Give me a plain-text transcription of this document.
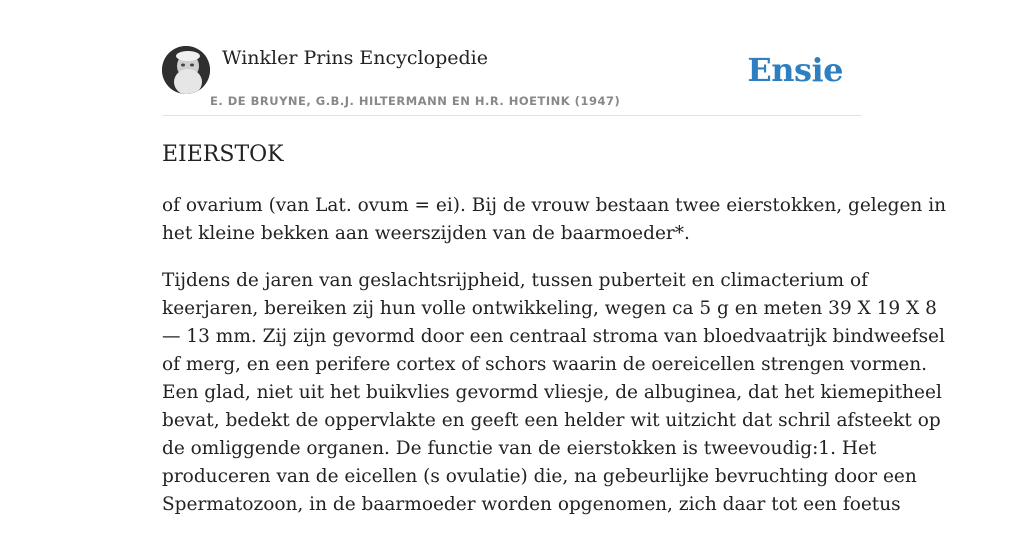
Winkler Prins Encyclopedie	Ensie
E. DE BRUYNE, G.B.J. HILTERMANN EN H.R. HOETINK (1947)
EIERSTOK

of ovarium (van Lat. ovum = ei). Bij de vrouw bestaan twee eierstokken, gelegen in
het kleine bekken aan weerszijden van de baarmoeder*.

Tijdens de jaren van geslachtsrijpheid, tussen puberteit en climacterium of
keerjaren, bereiken zij hun volle ontwikkeling, wegen ca 5 g en meten 39 X 19 X 8
— 13 mm. Zij zijn gevormd door een centraal stroma van bloedvaatrijk bindweefsel
of merg, en een perifere cortex of schors waarin de oereicellen strengen vormen.
Een glad, niet uit het buikvlies gevormd vliesje, de albuginea, dat het kiemepitheel
bevat, bedekt de oppervlakte en geeft een helder wit uitzicht dat schril afsteekt op
de omliggende organen. De functie van de eierstokken is tweevoudig:1. Het
produceren van de eicellen (s ovulatie) die, na gebeurlijke bevruchting door een
Spermatozoon, in de baarmoeder worden opgenomen, zich daar tot een foetus
